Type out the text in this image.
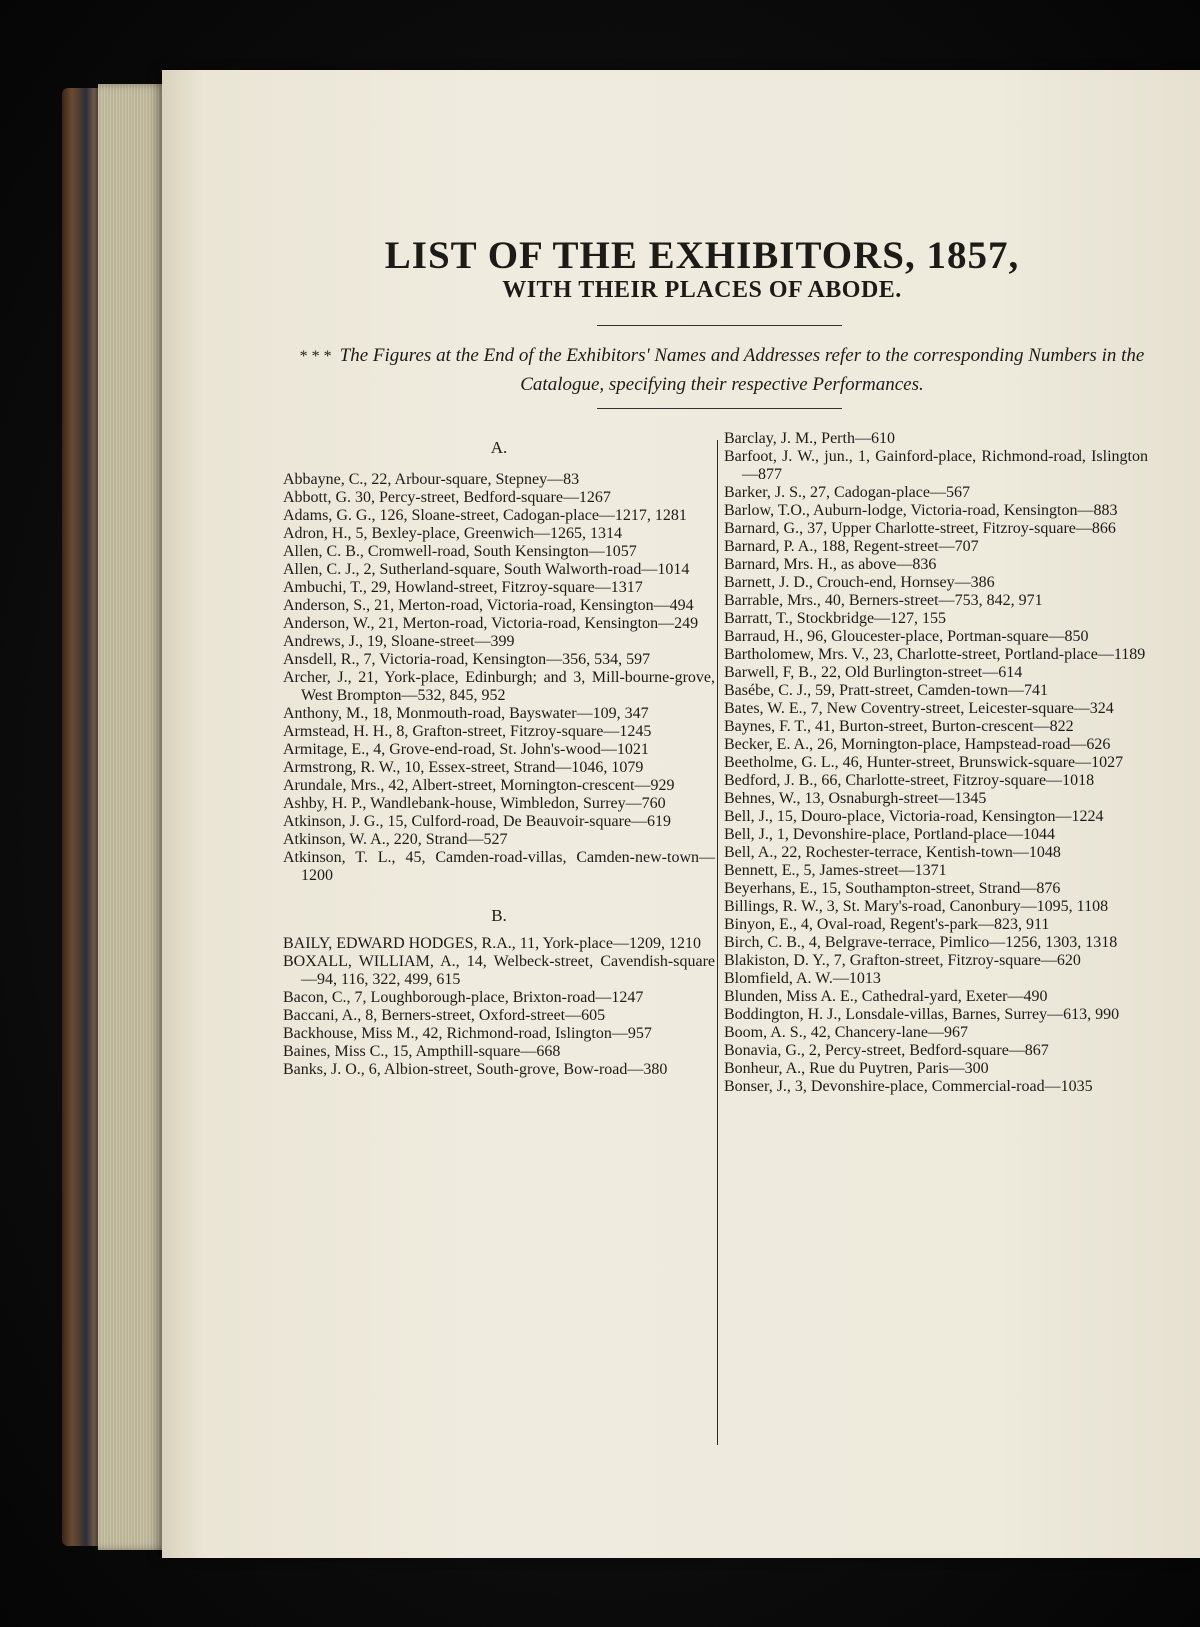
LIST OF THE EXHIBITORS, 1857,
WITH THEIR PLACES OF ABODE.
* * * The Figures at the End of the Exhibitors' Names and Addresses refer to the corresponding Numbers in the Catalogue, specifying their respective Performances.
A.
Abbayne, C., 22, Arbour-square, Stepney—83
Abbott, G. 30, Percy-street, Bedford-square—1267
Adams, G. G., 126, Sloane-street, Cadogan-place—1217, 1281
Adron, H., 5, Bexley-place, Greenwich—1265, 1314
Allen, C. B., Cromwell-road, South Kensington—1057
Allen, C. J., 2, Sutherland-square, South Walworth-road—1014
Ambuchi, T., 29, Howland-street, Fitzroy-square—1317
Anderson, S., 21, Merton-road, Victoria-road, Kensington—494
Anderson, W., 21, Merton-road, Victoria-road, Kensington—249
Andrews, J., 19, Sloane-street—399
Ansdell, R., 7, Victoria-road, Kensington—356, 534, 597
Archer, J., 21, York-place, Edinburgh; and 3, Mill-bourne-grove, West Brompton—532, 845, 952
Anthony, M., 18, Monmouth-road, Bayswater—109, 347
Armstead, H. H., 8, Grafton-street, Fitzroy-square—1245
Armitage, E., 4, Grove-end-road, St. John's-wood—1021
Armstrong, R. W., 10, Essex-street, Strand—1046, 1079
Arundale, Mrs., 42, Albert-street, Mornington-crescent—929
Ashby, H. P., Wandlebank-house, Wimbledon, Surrey—760
Atkinson, J. G., 15, Culford-road, De Beauvoir-square—619
Atkinson, W. A., 220, Strand—527
Atkinson, T. L., 45, Camden-road-villas, Camden-new-town—1200
B.
BAILY, EDWARD HODGES, R.A., 11, York-place—1209, 1210
BOXALL, WILLIAM, A., 14, Welbeck-street, Cavendish-square—94, 116, 322, 499, 615
Bacon, C., 7, Loughborough-place, Brixton-road—1247
Baccani, A., 8, Berners-street, Oxford-street—605
Backhouse, Miss M., 42, Richmond-road, Islington—957
Baines, Miss C., 15, Ampthill-square—668
Banks, J. O., 6, Albion-street, South-grove, Bow-road—380
Barclay, J. M., Perth—610
Barfoot, J. W., jun., 1, Gainford-place, Richmond-road, Islington—877
Barker, J. S., 27, Cadogan-place—567
Barlow, T.O., Auburn-lodge, Victoria-road, Kensington—883
Barnard, G., 37, Upper Charlotte-street, Fitzroy-square—866
Barnard, P. A., 188, Regent-street—707
Barnard, Mrs. H., as above—836
Barnett, J. D., Crouch-end, Hornsey—386
Barrable, Mrs., 40, Berners-street—753, 842, 971
Barratt, T., Stockbridge—127, 155
Barraud, H., 96, Gloucester-place, Portman-square—850
Bartholomew, Mrs. V., 23, Charlotte-street, Portland-place—1189
Barwell, F, B., 22, Old Burlington-street—614
Basébe, C. J., 59, Pratt-street, Camden-town—741
Bates, W. E., 7, New Coventry-street, Leicester-square—324
Baynes, F. T., 41, Burton-street, Burton-crescent—822
Becker, E. A., 26, Mornington-place, Hampstead-road—626
Beetholme, G. L., 46, Hunter-street, Brunswick-square—1027
Bedford, J. B., 66, Charlotte-street, Fitzroy-square—1018
Behnes, W., 13, Osnaburgh-street—1345
Bell, J., 15, Douro-place, Victoria-road, Kensington—1224
Bell, J., 1, Devonshire-place, Portland-place—1044
Bell, A., 22, Rochester-terrace, Kentish-town—1048
Bennett, E., 5, James-street—1371
Beyerhans, E., 15, Southampton-street, Strand—876
Billings, R. W., 3, St. Mary's-road, Canonbury—1095, 1108
Binyon, E., 4, Oval-road, Regent's-park—823, 911
Birch, C. B., 4, Belgrave-terrace, Pimlico—1256, 1303, 1318
Blakiston, D. Y., 7, Grafton-street, Fitzroy-square—620
Blomfield, A. W.—1013
Blunden, Miss A. E., Cathedral-yard, Exeter—490
Boddington, H. J., Lonsdale-villas, Barnes, Surrey—613, 990
Boom, A. S., 42, Chancery-lane—967
Bonavia, G., 2, Percy-street, Bedford-square—867
Bonheur, A., Rue du Puytren, Paris—300
Bonser, J., 3, Devonshire-place, Commercial-road—1035
